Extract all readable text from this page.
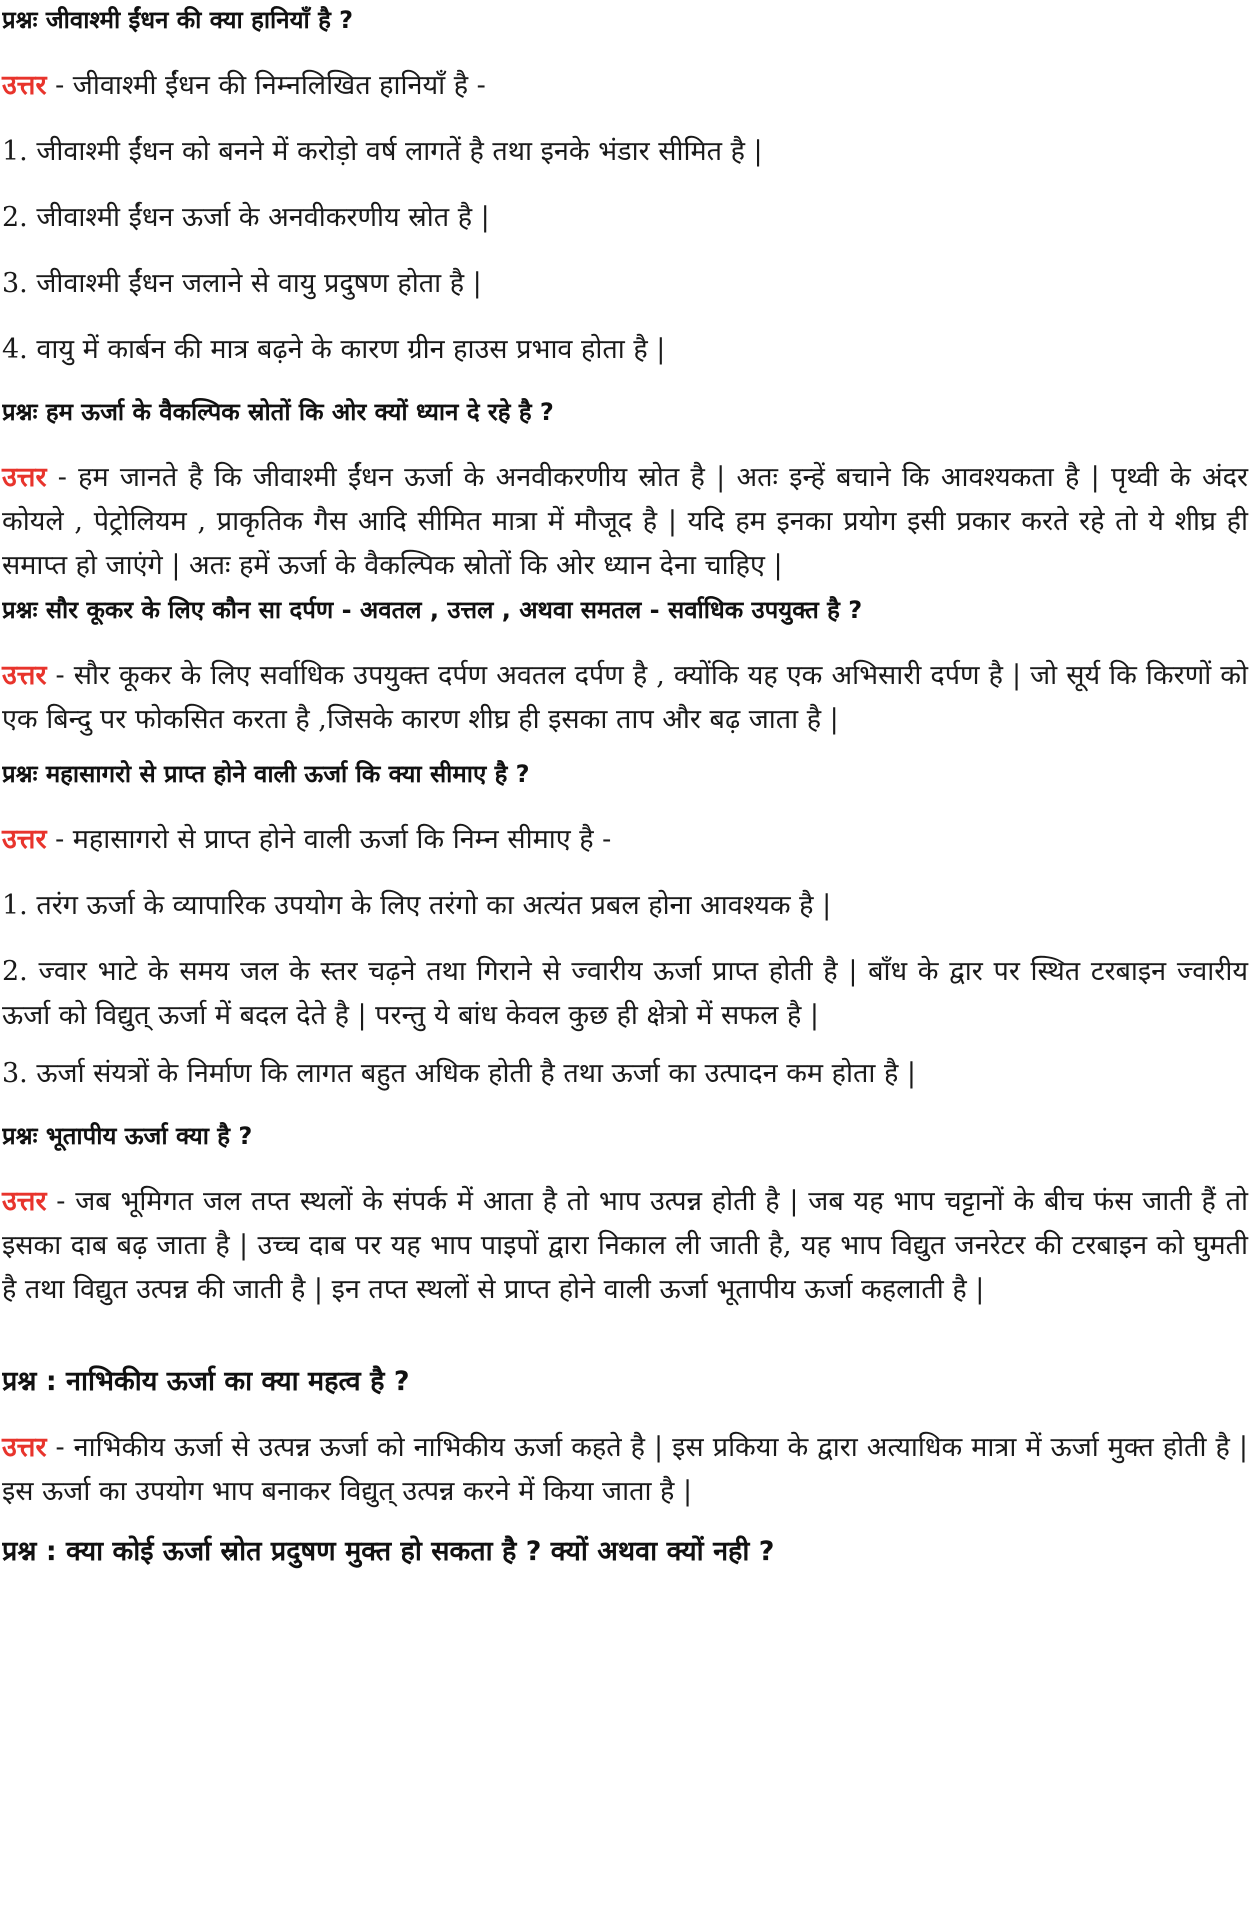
प्रश्नः जीवाश्मी ईंधन की क्या हानियाँ है ?

उत्तर - जीवाश्मी ईंधन की निम्नलिखित हानियाँ है -

1. जीवाश्मी ईंधन को बनने में करोड़ो वर्ष लागतें है तथा इनके भंडार सीमित है |

2. जीवाश्मी ईंधन ऊर्जा के अनवीकरणीय स्रोत है |

3. जीवाश्मी ईंधन जलाने से वायु प्रदुषण होता है |

4. वायु में कार्बन की मात्र बढ़ने के कारण ग्रीन हाउस प्रभाव होता है |

प्रश्नः हम ऊर्जा के वैकल्पिक स्रोतों कि ओर क्यों ध्यान दे रहे है ?

उत्तर - हम जानते है कि जीवाश्मी ईंधन ऊर्जा के अनवीकरणीय स्रोत है | अतः इन्हें बचाने कि आवश्यकता है | पृथ्वी के अंदर कोयले , पेट्रोलियम , प्राकृतिक गैस आदि सीमित मात्रा में मौजूद है | यदि हम इनका प्रयोग इसी प्रकार करते रहे तो ये शीघ्र ही समाप्त हो जाएंगे | अतः हमें ऊर्जा के वैकल्पिक स्रोतों कि ओर ध्यान देना चाहिए |

प्रश्नः सौर कूकर के लिए कौन सा दर्पण - अवतल , उत्तल , अथवा समतल - सर्वाधिक उपयुक्त है ?

उत्तर - सौर कूकर के लिए सर्वाधिक उपयुक्त दर्पण अवतल दर्पण है , क्योंकि यह एक अभिसारी दर्पण है | जो सूर्य कि किरणों को एक बिन्दु पर फोकसित करता है ,जिसके कारण शीघ्र ही इसका ताप और बढ़ जाता है |

प्रश्नः महासागरो से प्राप्त होने वाली ऊर्जा कि क्या सीमाए है ?

उत्तर - महासागरो से प्राप्त होने वाली ऊर्जा कि निम्न सीमाए है -

1. तरंग ऊर्जा के व्यापारिक उपयोग के लिए तरंगो का अत्यंत प्रबल होना आवश्यक है |

2. ज्वार भाटे के समय जल के स्तर चढ़ने तथा गिराने से ज्वारीय ऊर्जा प्राप्त होती है | बाँध के द्वार पर स्थित टरबाइन ज्वारीय ऊर्जा को विद्युत् ऊर्जा में बदल देते है | परन्तु ये बांध केवल कुछ ही क्षेत्रो में सफल है |

3. ऊर्जा संयत्रों के निर्माण कि लागत बहुत अधिक होती है तथा ऊर्जा का उत्पादन कम होता है |

प्रश्नः भूतापीय ऊर्जा क्या है ?

उत्तर - जब भूमिगत जल तप्त स्थलों के संपर्क में आता है तो भाप उत्पन्न होती है | जब यह भाप चट्टानों के बीच फंस जाती हैं तो इसका दाब बढ़ जाता है | उच्च दाब पर यह भाप पाइपों द्वारा निकाल ली जाती है, यह भाप विद्युत जनरेटर की टरबाइन को घुमती है तथा विद्युत उत्पन्न की जाती है | इन तप्त स्थलों से प्राप्त होने वाली ऊर्जा भूतापीय ऊर्जा कहलाती है |

प्रश्न : नाभिकीय ऊर्जा का क्या महत्व है ?

उत्तर - नाभिकीय ऊर्जा से उत्पन्न ऊर्जा को नाभिकीय ऊर्जा कहते है | इस प्रकिया के द्वारा अत्याधिक मात्रा में ऊर्जा मुक्त होती है | इस ऊर्जा का उपयोग भाप बनाकर विद्युत् उत्पन्न करने में किया जाता है |

प्रश्न : क्या कोई ऊर्जा स्रोत प्रदुषण मुक्त हो सकता है ? क्यों अथवा क्यों नही ?
